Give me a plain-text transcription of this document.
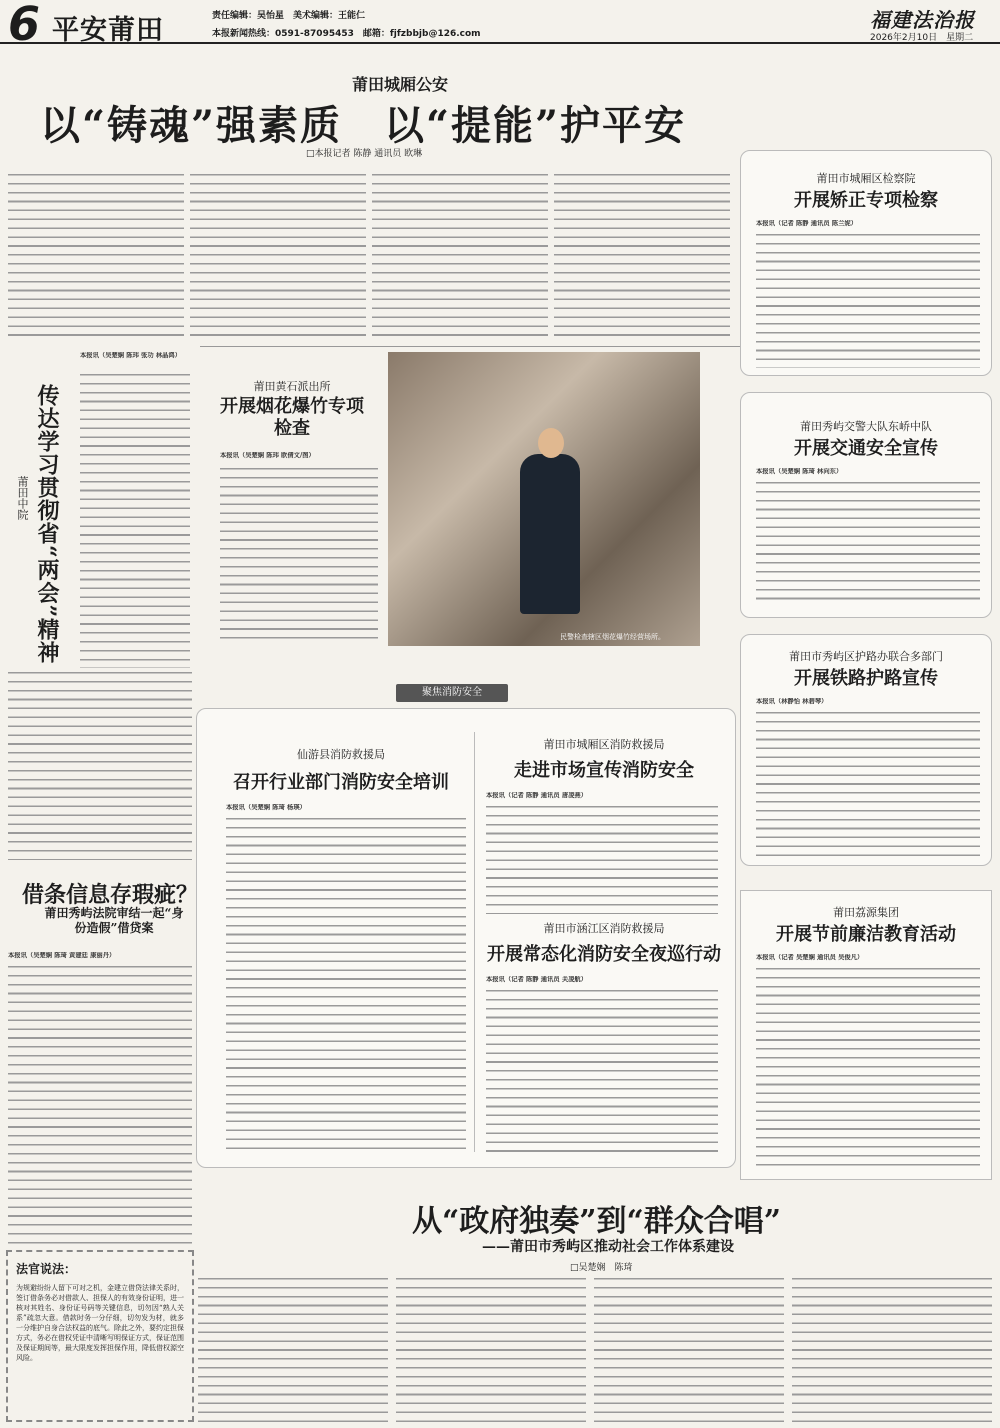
6 平安莆田	责任编辑：吴怡星　美术编辑：王能仁
本报新闻热线：0591-87095453　邮箱：fjfzbbjb@126.com
福建法治报
2026年2月10日　星期二
莆田城厢公安
以“铸魂”强素质　以“提能”护平安
□本报记者 陈静 通讯员 欧琳
传达学习贯彻省“两会”精神
莆田中院
本报讯（吴楚娴 陈玮 张功 林晶鸿）
莆田黄石派出所
开展烟花爆竹专项检查
本报讯（吴楚娴 陈玮 欧倩文/图）
民警检查辖区烟花爆竹经营场所。
聚焦消防安全
仙游县消防救援局
召开行业部门消防安全培训
本报讯（吴楚娴 陈琦 杨瑛）
莆田市城厢区消防救援局
走进市场宣传消防安全
本报讯（记者 陈静 通讯员 唐凌燕）
莆田市涵江区消防救援局
开展常态化消防安全夜巡行动
本报讯（记者 陈静 通讯员 关凌航）
借条信息存瑕疵？
莆田秀屿法院审结一起“身份造假”借贷案
本报讯（吴楚娴 陈琦 黄建廷 康丽丹）
法官说法：
为规避纷纷人留下可对之机，金建立借贷法律关系时，签订借条务必对借款人、担保人的有效身份证明，进一核对其姓名、身份证号码等关键信息，切勿因“熟人关系”疏忽大意。借款时务一分仔细，切勿发为材，就多一分维护自身合法权益的底气。除此之外，要约定担保方式，务必在借权凭证中清晰写明保证方式，保证范围及保证期间等，最大限度发挥担保作用，降低借权源空风险。
莆田市城厢区检察院
开展矫正专项检察
本报讯（记者 陈静 通讯员 陈兰妮）
莆田秀屿交警大队东峤中队
开展交通安全宣传
本报讯（吴楚娴 陈琦 林向东）
莆田市秀屿区护路办联合多部门
开展铁路护路宣传
本报讯（林静怡 林碧琴）
莆田荔源集团
开展节前廉洁教育活动
本报讯（记者 吴楚娴 通讯员 吴俊凡）
从“政府独奏”到“群众合唱”
——莆田市秀屿区推动社会工作体系建设
□吴楚娴　陈琦
